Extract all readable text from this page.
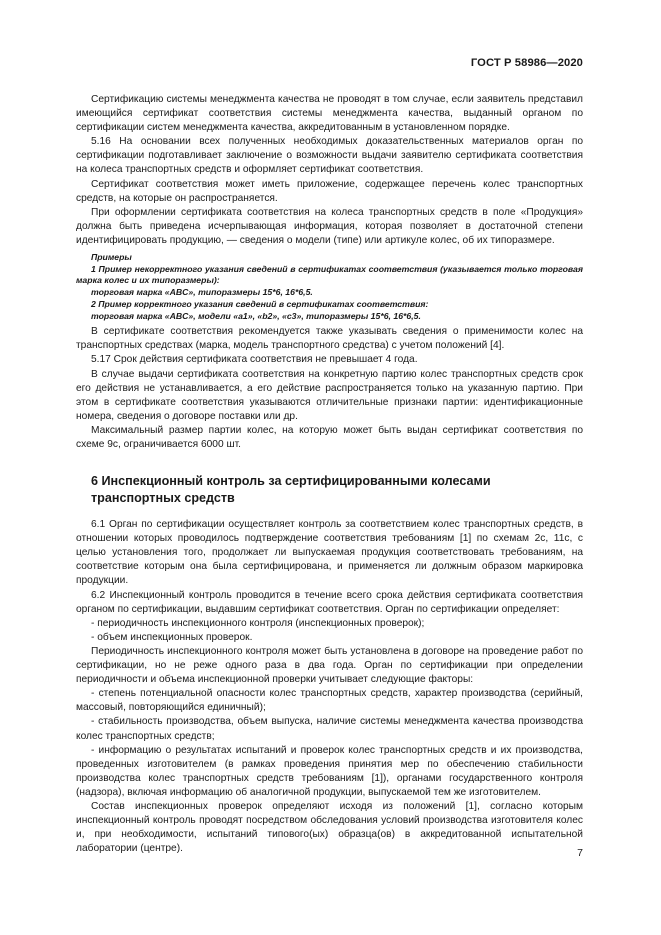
ГОСТ Р 58986—2020

Сертификацию системы менеджмента качества не проводят в том случае, если заявитель представил имеющийся сертификат соответствия системы менеджмента качества, выданный органом по сертификации систем менеджмента качества, аккредитованным в установленном порядке.

5.16 На основании всех полученных необходимых доказательственных материалов орган по сертификации подготавливает заключение о возможности выдачи заявителю сертификата соответствия на колеса транспортных средств и оформляет сертификат соответствия.

Сертификат соответствия может иметь приложение, содержащее перечень колес транспортных средств, на которые он распространяется.

При оформлении сертификата соответствия на колеса транспортных средств в поле «Продукция» должна быть приведена исчерпывающая информация, которая позволяет в достаточной степени идентифицировать продукцию, — сведения о модели (типе) или артикуле колес, об их типоразмере.

Примеры

1 Пример некорректного указания сведений в сертификатах соответствия (указывается только торговая марка колес и их типоразмеры):

торговая марка «ABC», типоразмеры 15*6, 16*6,5.

2 Пример корректного указания сведений в сертификатах соответствия:

торговая марка «ABC», модели «a1», «b2», «c3», типоразмеры 15*6, 16*6,5.

В сертификате соответствия рекомендуется также указывать сведения о применимости колес на транспортных средствах (марка, модель транспортного средства) с учетом положений [4].

5.17 Срок действия сертификата соответствия не превышает 4 года.

В случае выдачи сертификата соответствия на конкретную партию колес транспортных средств срок его действия не устанавливается, а его действие распространяется только на указанную партию. При этом в сертификате соответствия указываются отличительные признаки партии: идентификационные номера, сведения о договоре поставки или др.

Максимальный размер партии колес, на которую может быть выдан сертификат соответствия по схеме 9с, ограничивается 6000 шт.

6 Инспекционный контроль за сертифицированными колесами транспортных средств

6.1 Орган по сертификации осуществляет контроль за соответствием колес транспортных средств, в отношении которых проводилось подтверждение соответствия требованиям [1] по схемам 2с, 11с, с целью установления того, продолжает ли выпускаемая продукция соответствовать требованиям, на соответствие которым она была сертифицирована, и применяется ли должным образом маркировка продукции.

6.2 Инспекционный контроль проводится в течение всего срока действия сертификата соответствия органом по сертификации, выдавшим сертификат соответствия. Орган по сертификации определяет:

- периодичность инспекционного контроля (инспекционных проверок);

- объем инспекционных проверок.

Периодичность инспекционного контроля может быть установлена в договоре на проведение работ по сертификации, но не реже одного раза в два года. Орган по сертификации при определении периодичности и объема инспекционной проверки учитывает следующие факторы:

- степень потенциальной опасности колес транспортных средств, характер производства (серийный, массовый, повторяющийся единичный);

- стабильность производства, объем выпуска, наличие системы менеджмента качества производства колес транспортных средств;

- информацию о результатах испытаний и проверок колес транспортных средств и их производства, проведенных изготовителем (в рамках проведения принятия мер по обеспечению стабильности производства колес транспортных средств требованиям [1]), органами государственного контроля (надзора), включая информацию об аналогичной продукции, выпускаемой тем же изготовителем.

Состав инспекционных проверок определяют исходя из положений [1], согласно которым инспекционный контроль проводят посредством обследования условий производства изготовителя колес и, при необходимости, испытаний типового(ых) образца(ов) в аккредитованной испытательной лаборатории (центре).	7
